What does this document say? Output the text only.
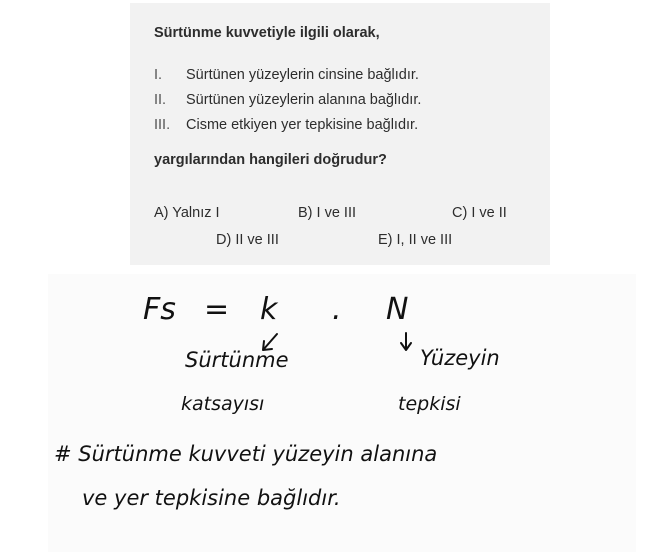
Sürtünme kuvvetiyle ilgili olarak,
I. Sürtünen yüzeylerin cinsine bağlıdır.
II. Sürtünen yüzeylerin alanına bağlıdır.
III. Cisme etkiyen yer tepkisine bağlıdır.
yargılarından hangileri doğrudur?
A) Yalnız I	B) I ve III	C) I ve II
D) II ve III	E) I, II ve III
Fs = k . N
Sürtünme
katsayısı
Yüzeyin
tepkisi
# Sürtünme kuvveti yüzeyin alanına
ve yer tepkisine bağlıdır.
